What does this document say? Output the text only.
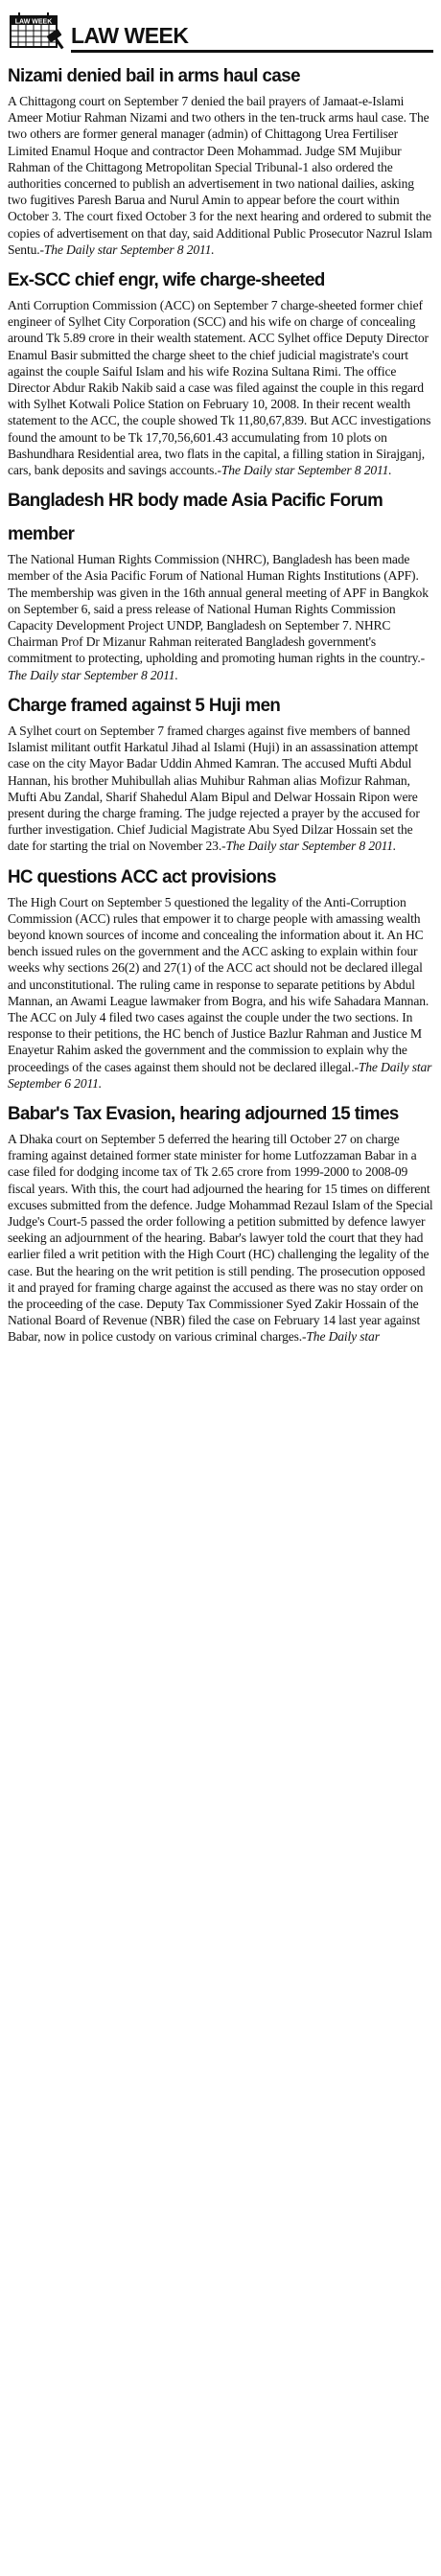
LAW WEEK
LAW WEEK
Nizami denied bail in arms haul case

A Chittagong court on September 7 denied the bail prayers of Jamaat-e-Islami Ameer Motiur Rahman Nizami and two others in the ten-truck arms haul case. The two others are former general manager (admin) of Chittagong Urea Fertiliser Limited Enamul Hoque and contractor Deen Mohammad. Judge SM Mujibur Rahman of the Chittagong Metropolitan Special Tribunal-1 also ordered the authorities concerned to publish an advertisement in two national dailies, asking two fugitives Paresh Barua and Nurul Amin to appear before the court within October 3. The court fixed October 3 for the next hearing and ordered to submit the copies of advertisement on that day, said Additional Public Prosecutor Nazrul Islam Sentu.-The Daily star September 8 2011.

Ex-SCC chief engr, wife charge-sheeted

Anti Corruption Commission (ACC) on September 7 charge-sheeted former chief engineer of Sylhet City Corporation (SCC) and his wife on charge of concealing around Tk 5.89 crore in their wealth statement. ACC Sylhet office Deputy Director Enamul Basir submitted the charge sheet to the chief judicial magistrate's court against the couple Saiful Islam and his wife Rozina Sultana Rimi. The office Director Abdur Rakib Nakib said a case was filed against the couple in this regard with Sylhet Kotwali Police Station on February 10, 2008. In their recent wealth statement to the ACC, the couple showed Tk 11,80,67,839. But ACC investigations found the amount to be Tk 17,70,56,601.43 accumulating from 10 plots on Bashundhara Residential area, two flats in the capital, a filling station in Sirajganj, cars, bank deposits and savings accounts.-The Daily star September 8 2011.

Bangladesh HR body made Asia Pacific Forum member

The National Human Rights Commission (NHRC), Bangladesh has been made member of the Asia Pacific Forum of National Human Rights Institutions (APF). The membership was given in the 16th annual general meeting of APF in Bangkok on September 6, said a press release of National Human Rights Commission Capacity Development Project UNDP, Bangladesh on September 7. NHRC Chairman Prof Dr Mizanur Rahman reiterated Bangladesh government's commitment to protecting, upholding and promoting human rights in the country.-The Daily star September 8 2011.

Charge framed against 5 Huji men

A Sylhet court on September 7 framed charges against five members of banned Islamist militant outfit Harkatul Jihad al Islami (Huji) in an assassination attempt case on the city Mayor Badar Uddin Ahmed Kamran. The accused Mufti Abdul Hannan, his brother Muhibullah alias Muhibur Rahman alias Mofizur Rahman, Mufti Abu Zandal, Sharif Shahedul Alam Bipul and Delwar Hossain Ripon were present during the charge framing. The judge rejected a prayer by the accused for further investigation. Chief Judicial Magistrate Abu Syed Dilzar Hossain set the date for starting the trial on November 23.-The Daily star September 8 2011.

HC questions ACC act provisions

The High Court on September 5 questioned the legality of the Anti-Corruption Commission (ACC) rules that empower it to charge people with amassing wealth beyond known sources of income and concealing the information about it. An HC bench issued rules on the government and the ACC asking to explain within four weeks why sections 26(2) and 27(1) of the ACC act should not be declared illegal and unconstitutional. The ruling came in response to separate petitions by Abdul Mannan, an Awami League lawmaker from Bogra, and his wife Sahadara Mannan. The ACC on July 4 filed two cases against the couple under the two sections. In response to their petitions, the HC bench of Justice Bazlur Rahman and Justice M Enayetur Rahim asked the government and the commission to explain why the proceedings of the cases against them should not be declared illegal.-The Daily star September 6 2011.

Babar's Tax Evasion, hearing adjourned 15 times

A Dhaka court on September 5 deferred the hearing till October 27 on charge framing against detained former state minister for home Lutfozzaman Babar in a case filed for dodging income tax of Tk 2.65 crore from 1999-2000 to 2008-09 fiscal years. With this, the court had adjourned the hearing for 15 times on different excuses submitted from the defence. Judge Mohammad Rezaul Islam of the Special Judge's Court-5 passed the order following a petition submitted by defence lawyer seeking an adjournment of the hearing. Babar's lawyer told the court that they had earlier filed a writ petition with the High Court (HC) challenging the legality of the case. But the hearing on the writ petition is still pending. The prosecution opposed it and prayed for framing charge against the accused as there was no stay order on the proceeding of the case. Deputy Tax Commissioner Syed Zakir Hossain of the National Board of Revenue (NBR) filed the case on February 14 last year against Babar, now in police custody on various criminal charges.-The Daily star
